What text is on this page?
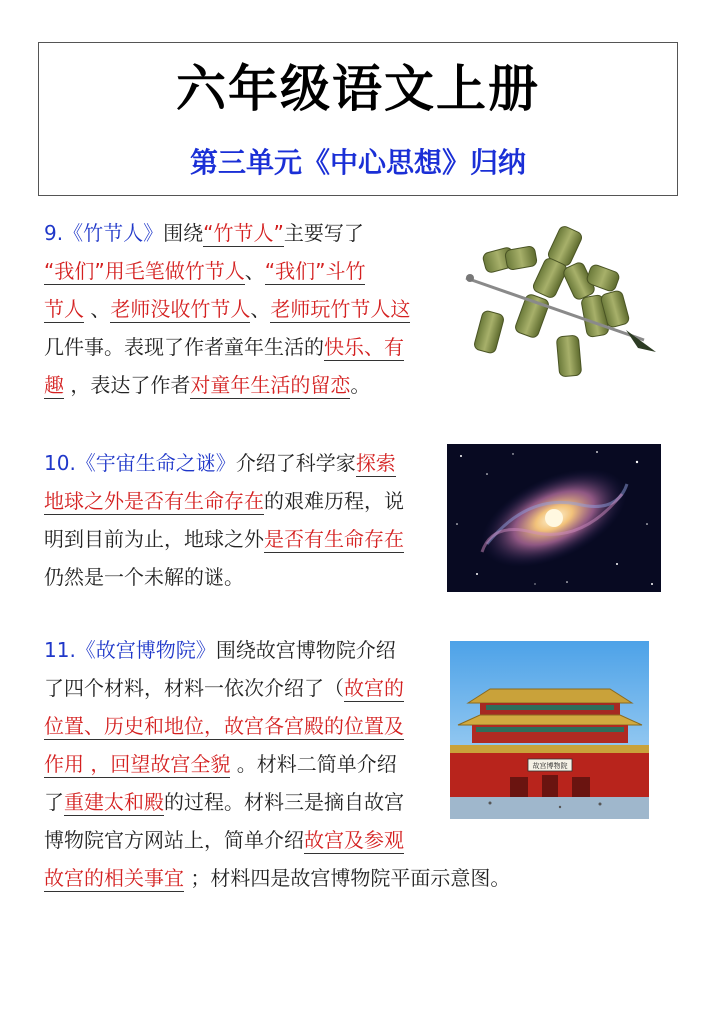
六年级语文上册
第三单元《中心思想》归纳
9.《竹节人》围绕“竹节人”主要写了
“我们”用毛笔做竹节人、“我们”斗竹
节人 、老师没收竹节人、老师玩竹节人这
几件事。表现了作者童年生活的快乐、有
趣 ，表达了作者对童年生活的留恋。
10.《宇宙生命之谜》介绍了科学家探索
地球之外是否有生命存在的艰难历程，说
明到目前为止，地球之外是否有生命存在
仍然是一个未解的谜。
11.《故宫博物院》围绕故宫博物院介绍
了四个材料，材料一依次介绍了（故宫的
位置、历史和地位，故宫各宫殿的位置及
作用 ，回望故宫全貌 。材料二简单介绍
了重建太和殿的过程。材料三是摘自故宫
博物院官方网站上，简单介绍故宫及参观
故宫的相关事宜 ；材料四是故宫博物院平面示意图。
故宫博物院
